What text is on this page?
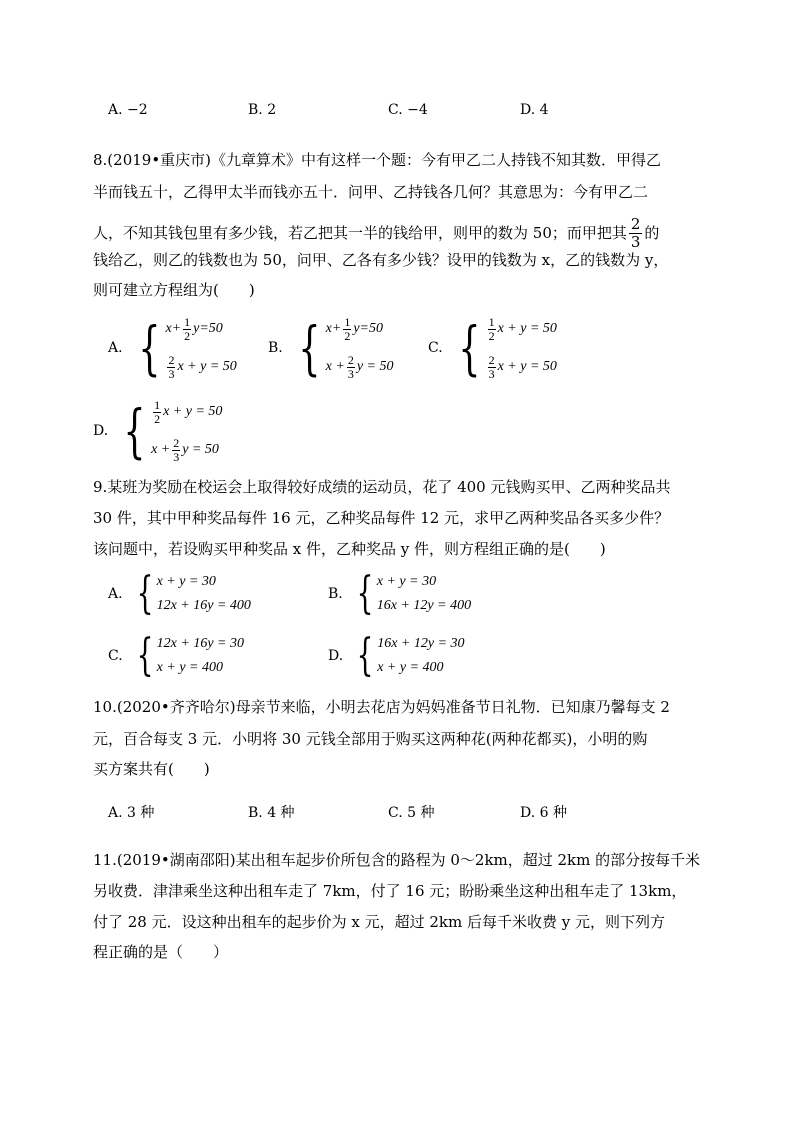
A. −2	B. 2	C. −4	D. 4
8.(2019•重庆市)《九章算术》中有这样一个题：今有甲乙二人持钱不知其数．甲得乙
半而钱五十，乙得甲太半而钱亦五十．问甲、乙持钱各几何？其意思为：今有甲乙二
人，不知其钱包里有多少钱，若乙把其一半的钱给甲，则甲的数为 50；而甲把其 $\frac{2}{3}$ 的
钱给乙，则乙的钱数也为 50，问甲、乙各有多少钱？设甲的钱数为 x，乙的钱数为 y，
则可建立方程组为(　　)
A. { $x+ \frac{1}{2} y=50$
$\frac{2}{3}$ x + y = 50
B. { $x+ \frac{1}{2} y=50$
$x + \frac{2}{3}$ y = 50
C. { $\frac{1}{2}$ x + y = 50
$\frac{2}{3}$ x + y = 50
D. { $\frac{1}{2}$ x + y = 50
$x + \frac{2}{3}$ y = 50
9.某班为奖励在校运会上取得较好成绩的运动员，花了 400 元钱购买甲、乙两种奖品共
30 件，其中甲种奖品每件 16 元，乙种奖品每件 12 元，求甲乙两种奖品各买多少件？
该问题中，若设购买甲种奖品 x 件，乙种奖品 y 件，则方程组正确的是(　　)
A. { x + y = 30
12x + 16y = 400
B. { x + y = 30
16x + 12y = 400
C. { 12x + 16y = 30
x + y = 400
D. { 16x + 12y = 30
x + y = 400
10.(2020•齐齐哈尔)母亲节来临，小明去花店为妈妈准备节日礼物．已知康乃馨每支 2
元，百合每支 3 元．小明将 30 元钱全部用于购买这两种花(两种花都买)，小明的购
买方案共有(　　)
A. 3 种	B. 4 种	C. 5 种	D. 6 种
11.(2019•湖南邵阳)某出租车起步价所包含的路程为 0～2km，超过 2km 的部分按每千米
另收费．津津乘坐这种出租车走了 7km，付了 16 元；盼盼乘坐这种出租车走了 13km，
付了 28 元．设这种出租车的起步价为 x 元，超过 2km 后每千米收费 y 元，则下列方
程正确的是（　　）
